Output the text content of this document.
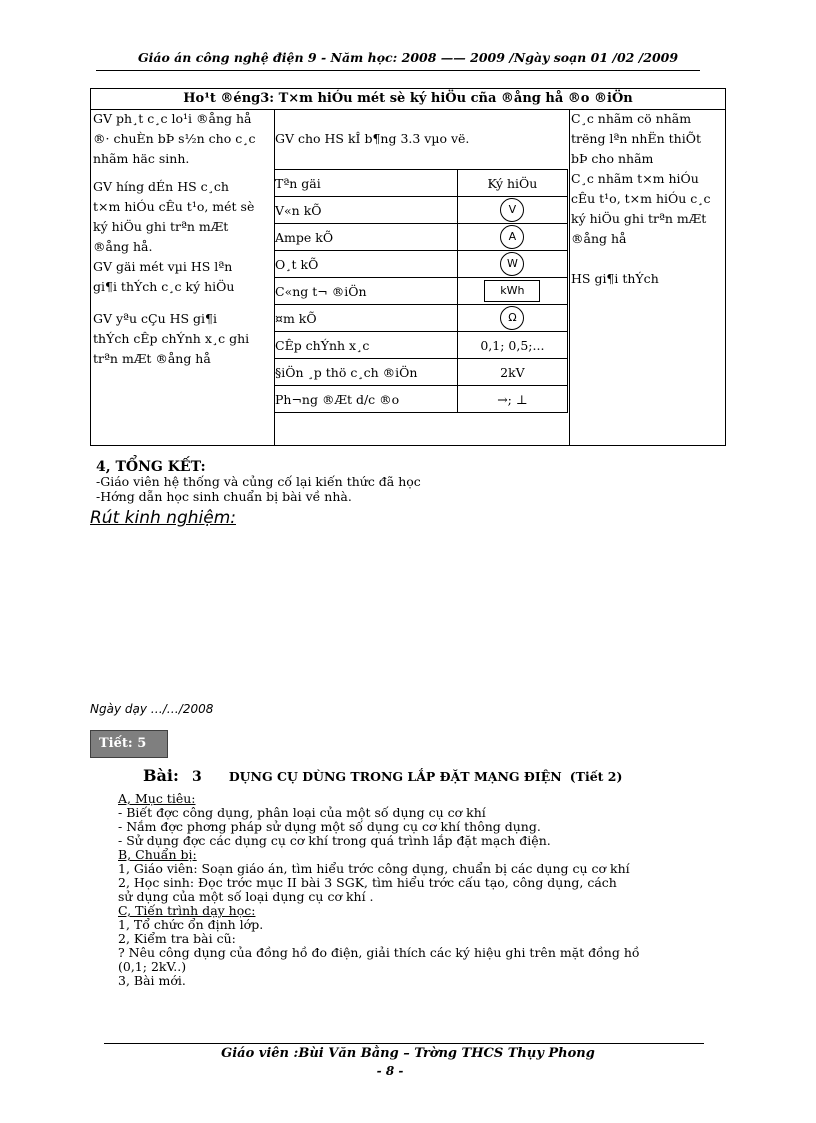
Giáo án công nghệ điện 9 - Năm học: 2008 —— 2009 /Ngày soạn 01 /02 /2009
Ho¹t ®éng3: T×m hiÓu mét sè ký hiÖu cña ®ång hå ®o ®iÖn
GV ph¸t c¸c lo¹i ®ång hå
®· chuÈn bÞ s½n cho c¸c
nhãm häc sinh.
GV híng dÉn HS c¸ch
t×m hiÓu cÊu t¹o, mét sè
ký hiÖu ghi trªn mÆt
®ång hå.
GV gäi mét vµi HS lªn
gi¶i thÝch c¸c ký hiÖu
GV yªu cÇu HS gi¶i
thÝch cÊp chÝnh x¸c ghi
trªn mÆt ®ång hå
GV cho HS kÎ b¶ng 3.3 vµo vë.
C¸c nhãm cö nhãm
trëng lªn nhËn thiÕt
bÞ cho nhãm
C¸c nhãm t×m hiÓu
cÊu t¹o, t×m hiÓu c¸c
ký hiÖu ghi trªn mÆt
®ång hå
HS gi¶i thÝch
Tªn gäi	Ký hiÖu
V«n kÕ	V
Ampe kÕ	A
O¸t kÕ	W
C«ng t¬ ®iÖn	kWh
¤m kÕ	Ω
CÊp chÝnh x¸c	0,1; 0,5;...
§iÖn ¸p thö c¸ch ®iÖn	2kV
Ph¬ng ®Æt d/c ®o	→; ⊥
4, TỔNG KẾT:
-Giáo viên hệ thống và củng cố lại kiến thức đã học
-Hớng dẫn học sinh chuẩn bị bài về nhà.
Rút kinh nghiệm:
Ngày dạy …/…/2008
Tiết: 5
Bài: 3 DỤNG CỤ DÙNG TRONG LẮP ĐẶT MẠNG ĐIỆN (Tiết 2)
A, Mục tiêu:
- Biết đợc công dụng, phân loại của một số dụng cụ cơ khí
- Nắm đợc phơng pháp sử dụng một số dụng cụ cơ khí thông dụng.
- Sử dụng đợc các dụng cụ cơ khí trong quá trình lắp đặt mạch điện.
B, Chuẩn bị:
1, Giáo viên: Soạn giáo án, tìm hiểu trớc công dụng, chuẩn bị các dụng cụ cơ khí
2, Học sinh: Đọc trớc mục II bài 3 SGK, tìm hiểu trớc cấu tạo, công dụng, cách
sử dụng của một số loại dụng cụ cơ khí .
C, Tiến trình dạy học:
1, Tổ chức ổn định lớp.
2, Kiểm tra bài cũ:
? Nêu công dụng của đồng hồ đo điện, giải thích các ký hiệu ghi trên mặt đồng hồ
(0,1; 2kV..)
3, Bài mới.
Giáo viên :Bùi Văn Bằng – Trờng THCS Thụy Phong
- 8 -
